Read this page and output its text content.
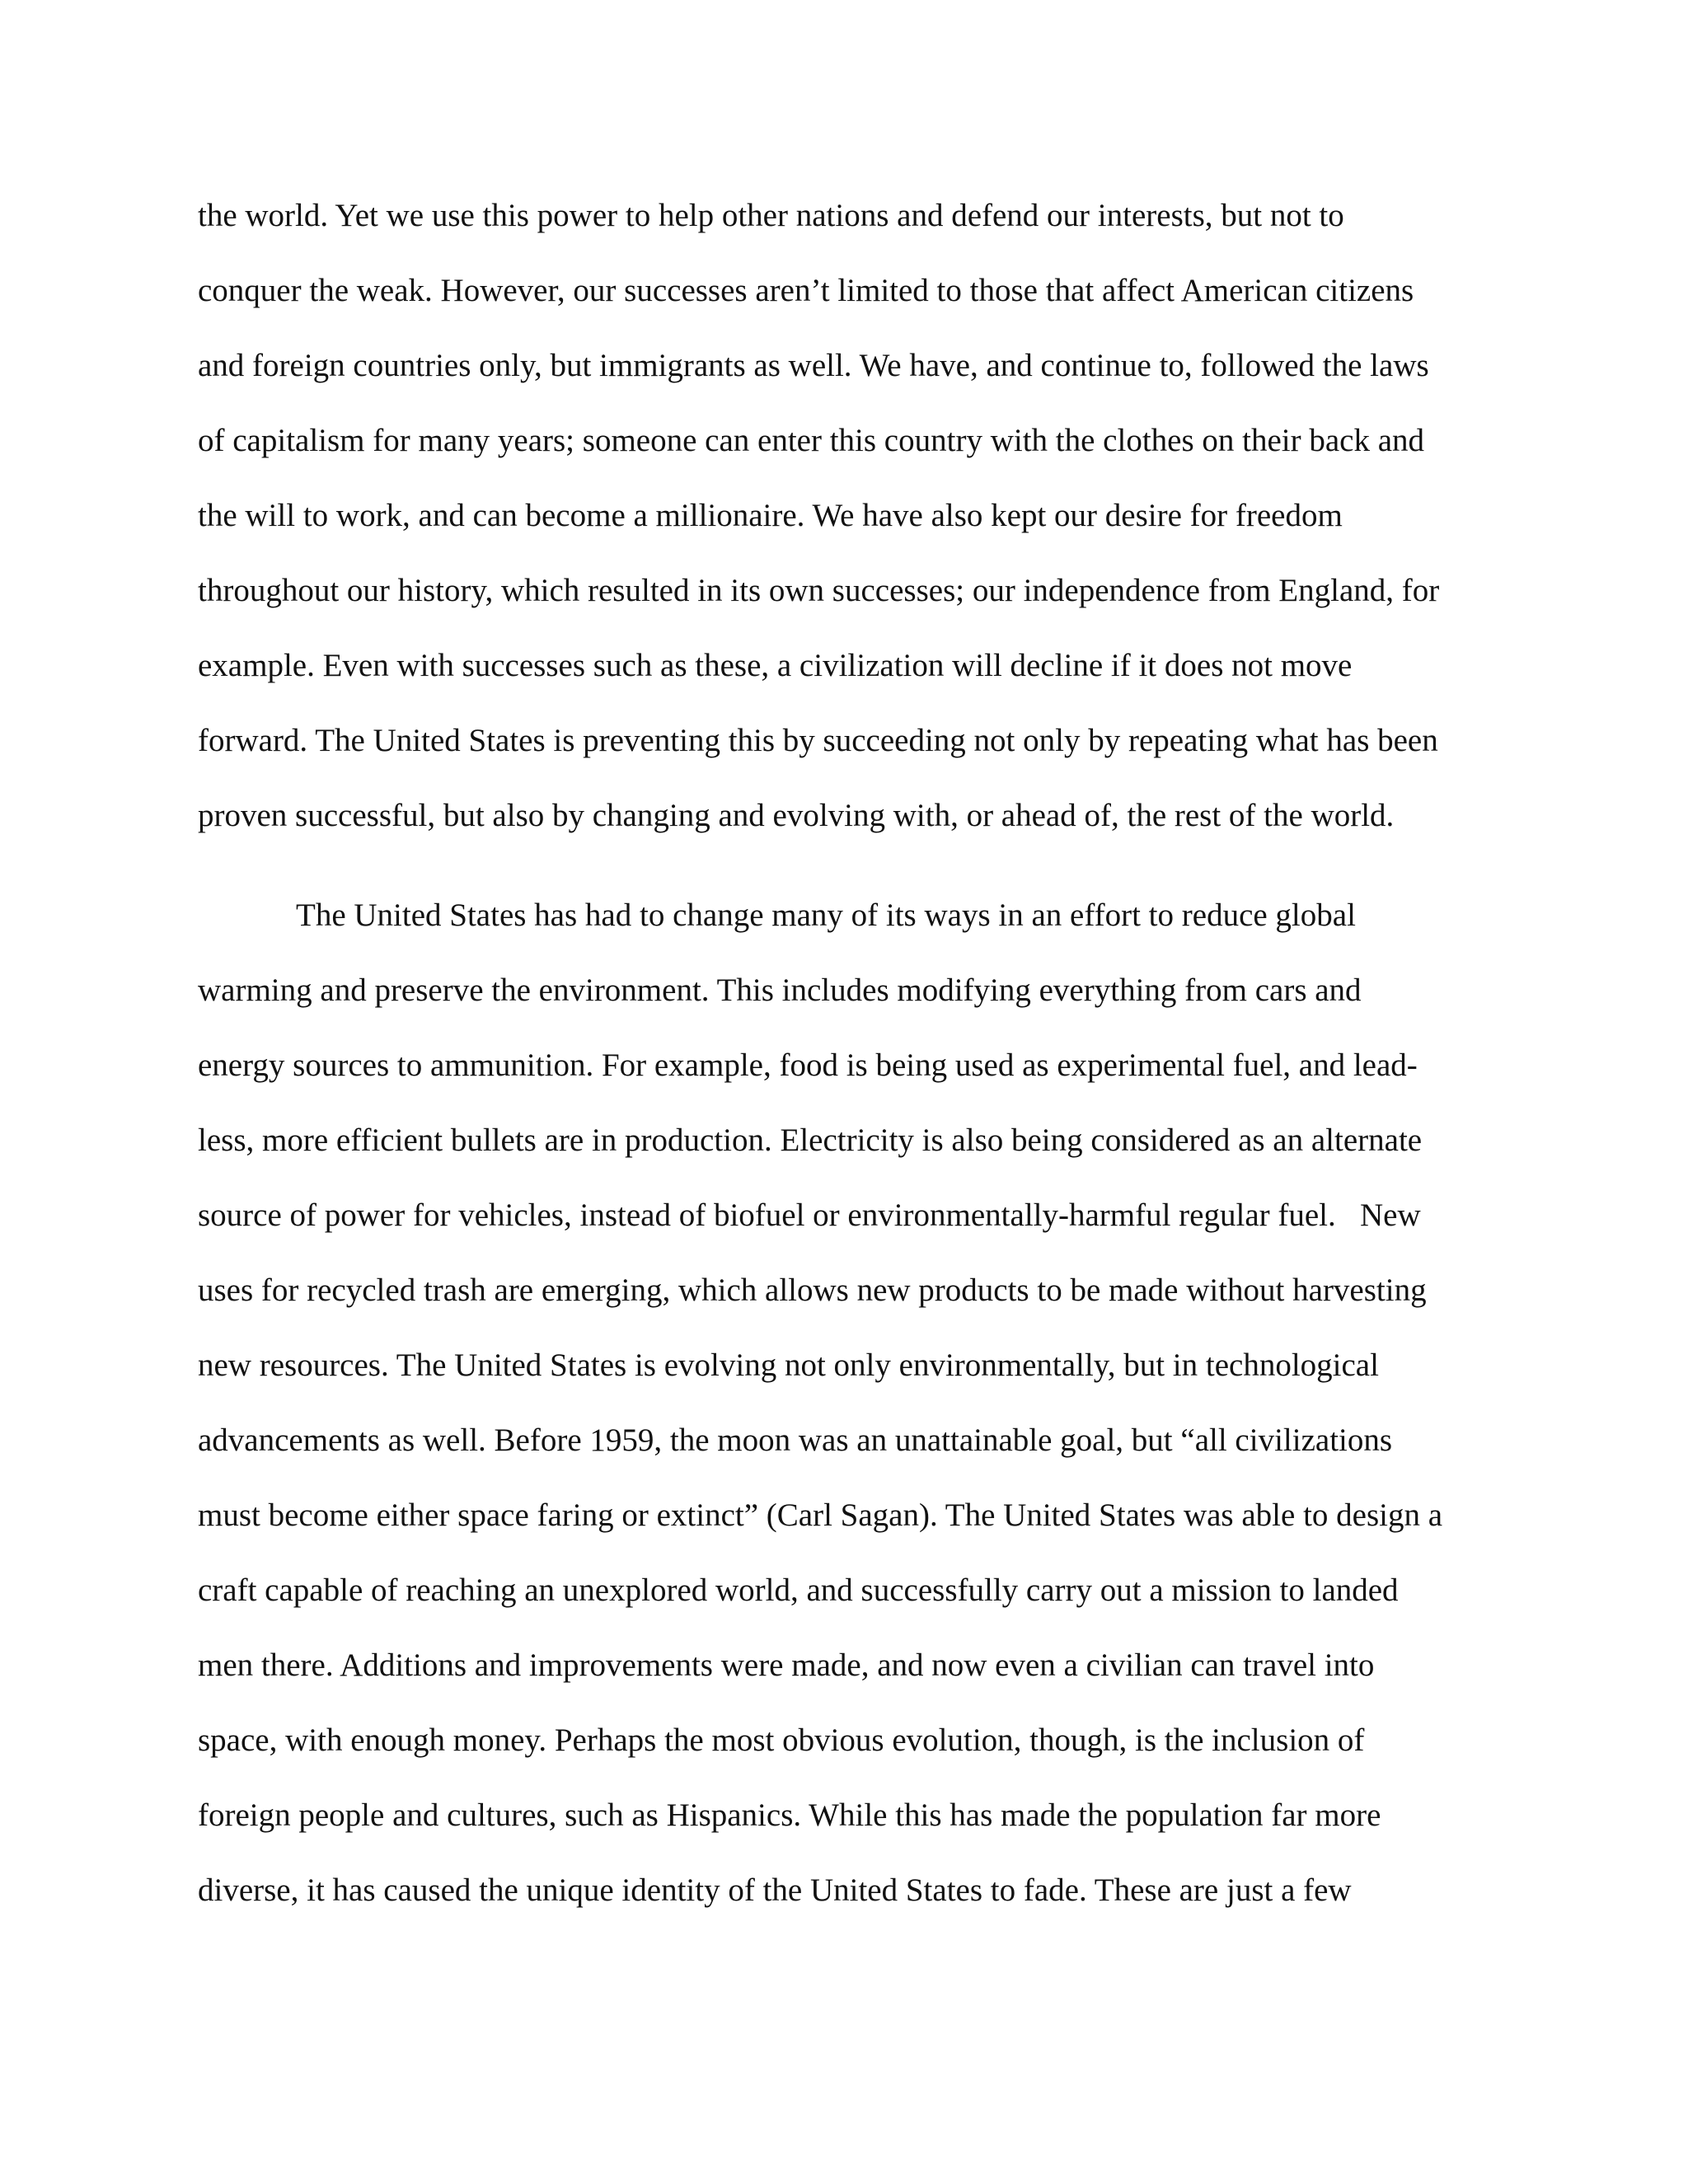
the world. Yet we use this power to help other nations and defend our interests, but not to

conquer the weak. However, our successes aren’t limited to those that affect American citizens

and foreign countries only, but immigrants as well. We have, and continue to, followed the laws

of capitalism for many years; someone can enter this country with the clothes on their back and

the will to work, and can become a millionaire. We have also kept our desire for freedom

throughout our history, which resulted in its own successes; our independence from England, for

example. Even with successes such as these, a civilization will decline if it does not move

forward. The United States is preventing this by succeeding not only by repeating what has been

proven successful, but also by changing and evolving with, or ahead of, the rest of the world.

The United States has had to change many of its ways in an effort to reduce global

warming and preserve the environment. This includes modifying everything from cars and

energy sources to ammunition. For example, food is being used as experimental fuel, and lead-

less, more efficient bullets are in production. Electricity is also being considered as an alternate

source of power for vehicles, instead of biofuel or environmentally-harmful regular fuel.   New

uses for recycled trash are emerging, which allows new products to be made without harvesting

new resources. The United States is evolving not only environmentally, but in technological

advancements as well. Before 1959, the moon was an unattainable goal, but “all civilizations

must become either space faring or extinct” (Carl Sagan). The United States was able to design a

craft capable of reaching an unexplored world, and successfully carry out a mission to landed

men there. Additions and improvements were made, and now even a civilian can travel into

space, with enough money. Perhaps the most obvious evolution, though, is the inclusion of

foreign people and cultures, such as Hispanics. While this has made the population far more

diverse, it has caused the unique identity of the United States to fade. These are just a few
